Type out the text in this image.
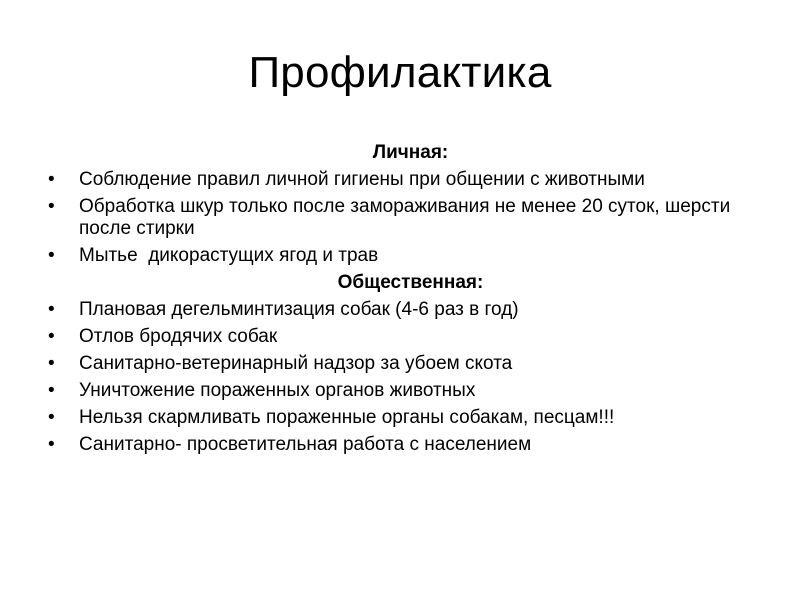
Профилактика
Личная:
•	Соблюдение правил личной гигиены при общении с животными
•	Обработка шкур только после замораживания не менее 20 суток, шерсти после стирки
•	Мытье  дикорастущих ягод и трав
Общественная:
•	Плановая дегельминтизация собак (4-6 раз в год)
•	Отлов бродячих собак
•	Санитарно-ветеринарный надзор за убоем скота
•	Уничтожение пораженных органов животных
•	Нельзя скармливать пораженные органы собакам, песцам!!!
•	Санитарно- просветительная работа с населением
